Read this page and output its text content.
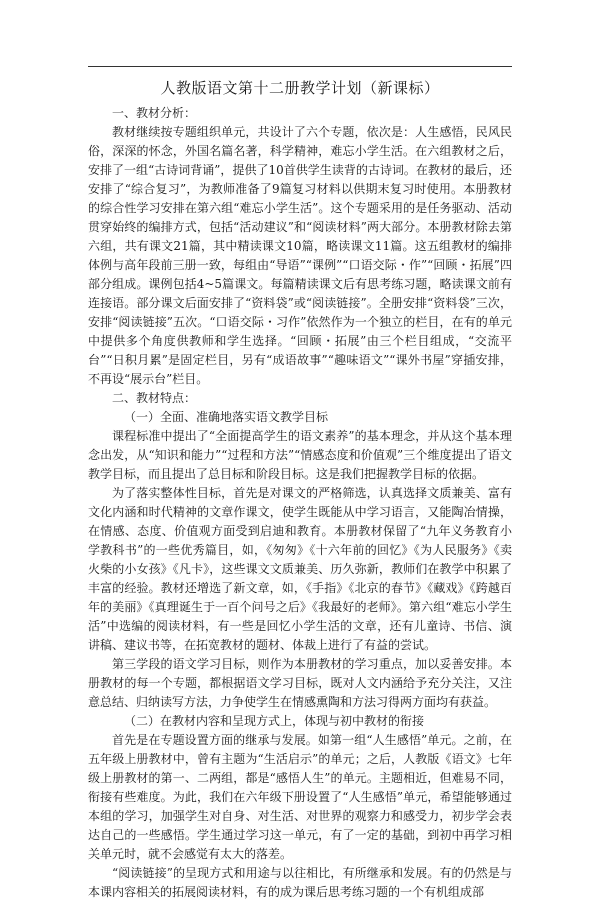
人教版语文第十二册教学计划（新课标）

一、教材分析：

教材继续按专题组织单元，共设计了六个专题，依次是：人生感悟，民风民俗，深深的怀念，外国名篇名著，科学精神，难忘小学生活。在六组教材之后，安排了一组“古诗词背诵”，提供了10首供学生读背的古诗词。在教材的最后，还安排了“综合复习”，为教师准备了9篇复习材料以供期末复习时使用。本册教材的综合性学习安排在第六组“难忘小学生活”。这个专题采用的是任务驱动、活动贯穿始终的编排方式，包括“活动建议”和“阅读材料”两大部分。本册教材除去第六组，共有课文21篇，其中精读课文10篇，略读课文11篇。这五组教材的编排体例与高年段前三册一致，每组由“导语”“课例”“口语交际・作”“回顾・拓展”四部分组成。课例包括4~5篇课文。每篇精读课文后有思考练习题，略读课文前有连接语。部分课文后面安排了“资料袋”或“阅读链接”。全册安排“资料袋”三次，安排“阅读链接”五次。“口语交际・习作”依然作为一个独立的栏目，在有的单元中提供多个角度供教师和学生选择。“回顾・拓展”由三个栏目组成，“交流平台”“日积月累”是固定栏目，另有“成语故事”“趣味语文”“课外书屋”穿插安排，不再设“展示台”栏目。

二、教材特点：

（一）全面、准确地落实语文教学目标

课程标准中提出了“全面提高学生的语文素养”的基本理念，并从这个基本理念出发，从“知识和能力”“过程和方法”“情感态度和价值观”三个维度提出了语文教学目标，而且提出了总目标和阶段目标。这是我们把握教学目标的依据。

为了落实整体性目标，首先是对课文的严格筛选，认真选择文质兼美、富有文化内涵和时代精神的文章作课文，使学生既能从中学习语言，又能陶冶情操，在情感、态度、价值观方面受到启迪和教育。本册教材保留了“九年义务教育小学教科书”的一些优秀篇目，如，《匆匆》《十六年前的回忆》《为人民服务》《卖火柴的小女孩》《凡卡》，这些课文文质兼美、历久弥新，教师们在教学中积累了丰富的经验。教材还增选了新文章，如，《手指》《北京的春节》《藏戏》《跨越百年的美丽》《真理诞生于一百个问号之后》《我最好的老师》。第六组“难忘小学生活”中选编的阅读材料，有一些是回忆小学生活的文章，还有儿童诗、书信、演讲稿、建议书等，在拓宽教材的题材、体裁上进行了有益的尝试。

第三学段的语文学习目标，则作为本册教材的学习重点，加以妥善安排。本册教材的每一个专题，都根据语文学习目标，既对人文内涵给予充分关注，又注意总结、归纳读写方法，力争使学生在情感熏陶和方法习得两方面均有获益。

（二）在教材内容和呈现方式上，体现与初中教材的衔接

首先是在专题设置方面的继承与发展。如第一组“人生感悟”单元。之前，在五年级上册教材中，曾有主题为“生活启示”的单元；之后，人教版《语文》七年级上册教材的第一、二两组，都是“感悟人生”的单元。主题相近，但难易不同，衔接有些难度。为此，我们在六年级下册设置了“人生感悟”单元，希望能够通过本组的学习，加强学生对自身、对生活、对世界的观察力和感受力，初步学会表达自己的一些感悟。学生通过学习这一单元，有了一定的基础，到初中再学习相关单元时，就不会感觉有太大的落差。

“阅读链接”的呈现方式和用途与以往相比，有所继承和发展。有的仍然是与本课内容相关的拓展阅读材料，有的成为课后思考练习题的一个有机组成部
